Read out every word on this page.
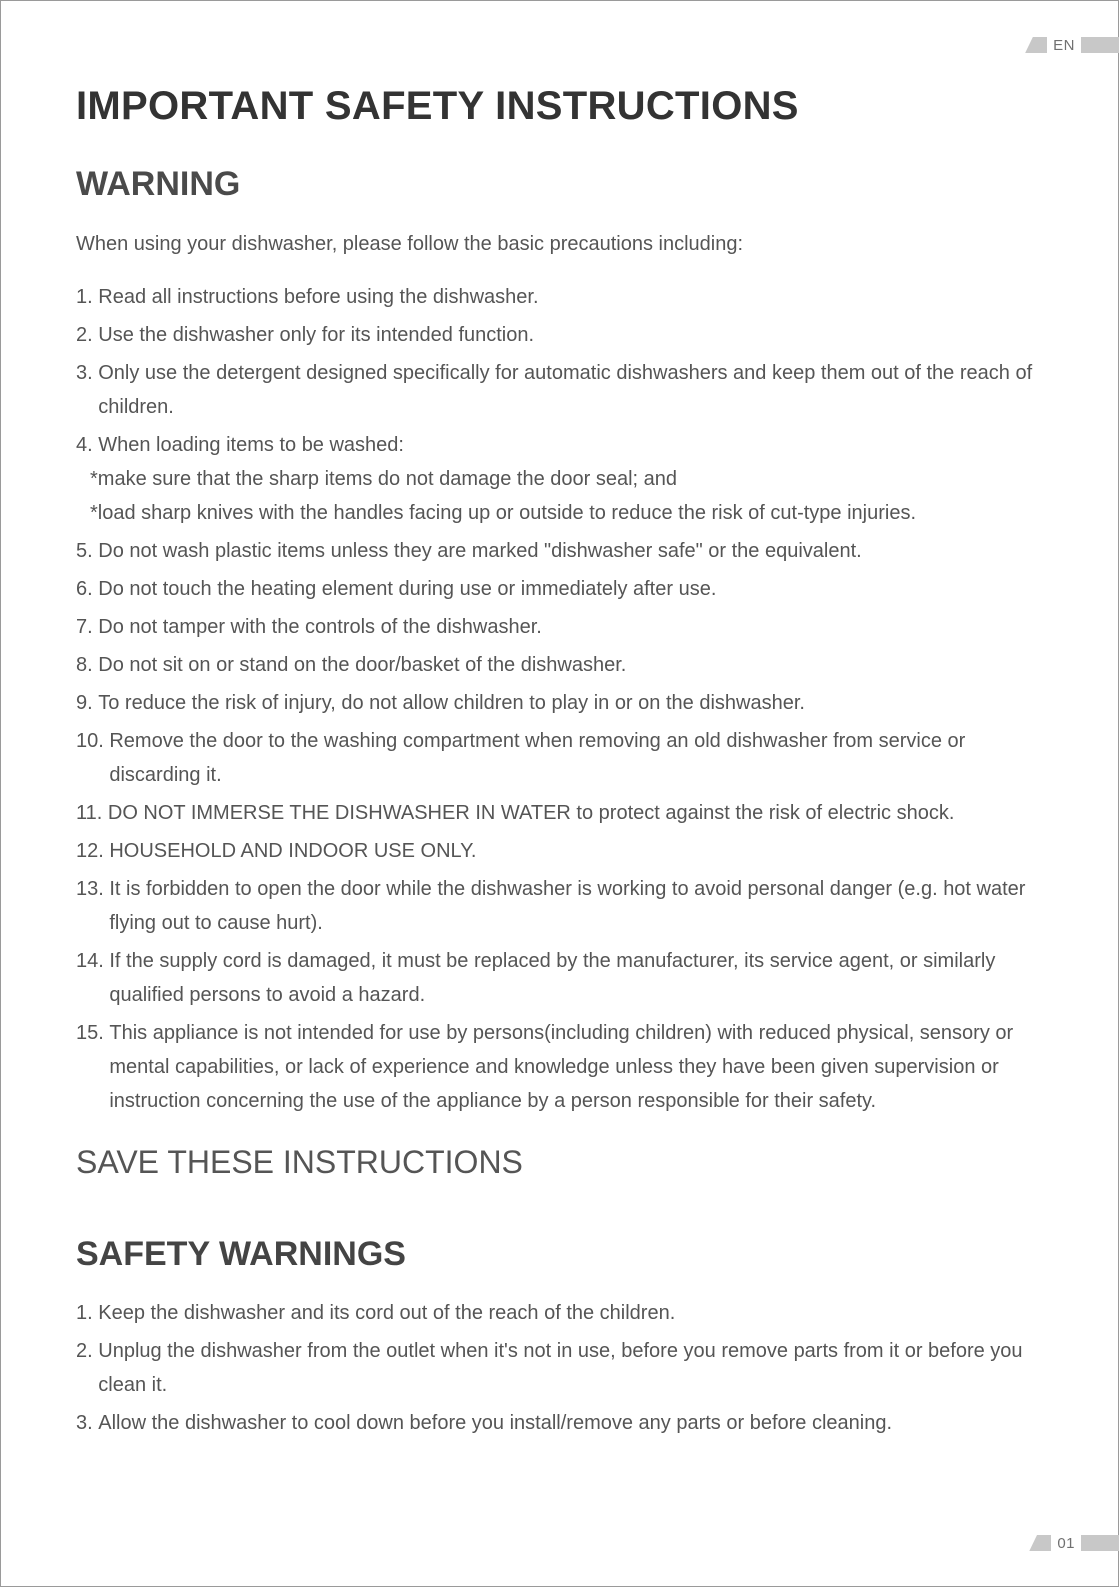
EN
IMPORTANT SAFETY INSTRUCTIONS
WARNING

When using your dishwasher, please follow the basic precautions including:

1. Read all instructions before using the dishwasher.
2. Use the dishwasher only for its intended function.
3. Only use the detergent designed specifically for automatic dishwashers and keep them out of the reach of children.
4. When loading items to be washed:
*make sure that the sharp items do not damage the door seal; and
*load sharp knives with the handles facing up or outside to reduce the risk of cut-type injuries.
5. Do not wash plastic items unless they are marked "dishwasher safe" or the equivalent.
6. Do not touch the heating element during use or immediately after use.
7. Do not tamper with the controls of the dishwasher.
8. Do not sit on or stand on the door/basket of the dishwasher.
9. To reduce the risk of injury, do not allow children to play in or on the dishwasher.
10. Remove the door to the washing compartment when removing an old dishwasher from service or discarding it.
11. DO NOT IMMERSE THE DISHWASHER IN WATER to protect against the risk of electric shock.
12. HOUSEHOLD AND INDOOR USE ONLY.
13. It is forbidden to open the door while the dishwasher is working to avoid personal danger (e.g. hot water flying out to cause hurt).
14. If the supply cord is damaged, it must be replaced by the manufacturer, its service agent, or similarly qualified persons to avoid a hazard.
15. This appliance is not intended for use by persons(including children) with reduced physical, sensory or mental capabilities, or lack of experience and knowledge unless they have been given supervision or instruction concerning the use of the appliance by a person responsible for their safety.
SAVE THESE INSTRUCTIONS
SAFETY WARNINGS
1. Keep the dishwasher and its cord out of the reach of the children.
2. Unplug the dishwasher from the outlet when it's not in use, before you remove parts from it or before you clean it.
3. Allow the dishwasher to cool down before you install/remove any parts or before cleaning.
01
